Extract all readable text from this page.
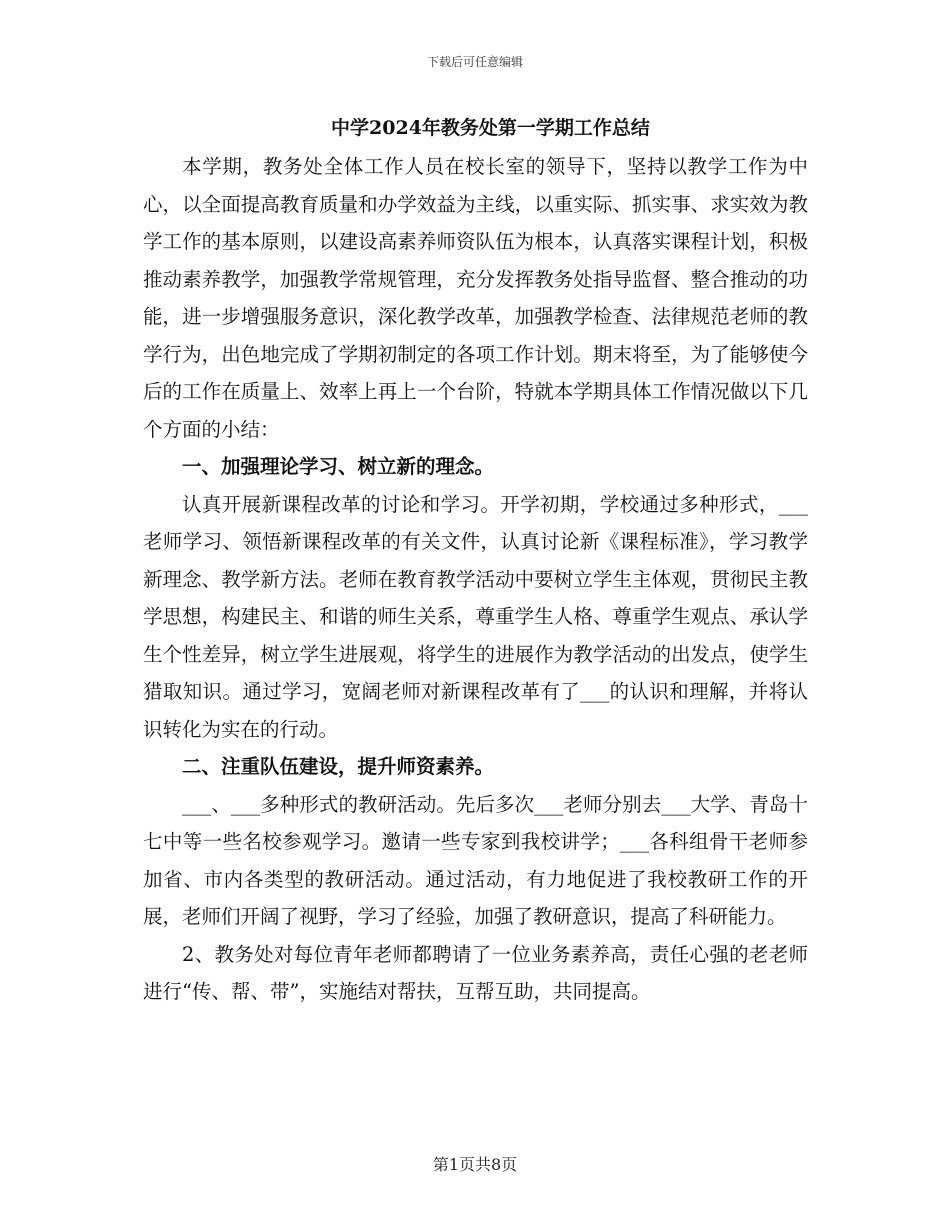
下载后可任意编辑
中学2024年教务处第一学期工作总结

本学期，教务处全体工作人员在校长室的领导下，坚持以教学工作为中心，以全面提高教育质量和办学效益为主线，以重实际、抓实事、求实效为教学工作的基本原则，以建设高素养师资队伍为根本，认真落实课程计划，积极推动素养教学，加强教学常规管理，充分发挥教务处指导监督、整合推动的功能，进一步增强服务意识，深化教学改革，加强教学检查、法律规范老师的教学行为，出色地完成了学期初制定的各项工作计划。期末将至，为了能够使今后的工作在质量上、效率上再上一个台阶，特就本学期具体工作情况做以下几个方面的小结：

一、加强理论学习、树立新的理念。

认真开展新课程改革的讨论和学习。开学初期，学校通过多种形式，___老师学习、领悟新课程改革的有关文件，认真讨论新《课程标准》，学习教学新理念、教学新方法。老师在教育教学活动中要树立学生主体观，贯彻民主教学思想，构建民主、和谐的师生关系，尊重学生人格、尊重学生观点、承认学生个性差异，树立学生进展观，将学生的进展作为教学活动的出发点，使学生猎取知识。通过学习，宽阔老师对新课程改革有了___的认识和理解，并将认识转化为实在的行动。

二、注重队伍建设，提升师资素养。

___、___多种形式的教研活动。先后多次___老师分别去___大学、青岛十七中等一些名校参观学习。邀请一些专家到我校讲学；___各科组骨干老师参加省、市内各类型的教研活动。通过活动，有力地促进了我校教研工作的开展，老师们开阔了视野，学习了经验，加强了教研意识，提高了科研能力。

2、教务处对每位青年老师都聘请了一位业务素养高，责任心强的老老师进行“传、帮、带”，实施结对帮扶，互帮互助，共同提高。

第1页共8页
